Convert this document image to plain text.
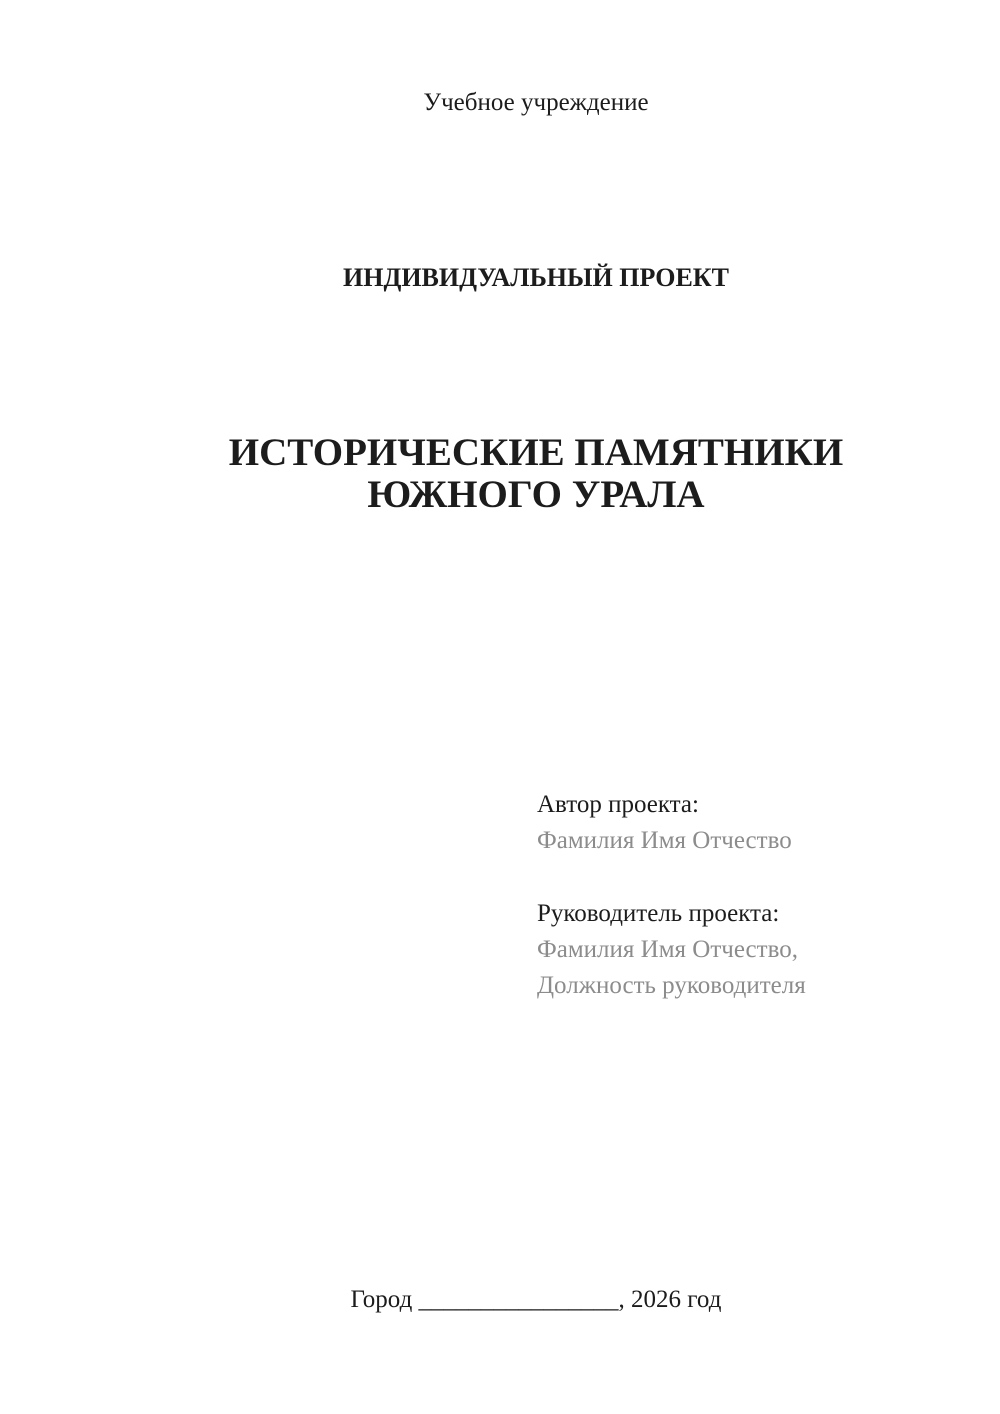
Учебное учреждение
ИНДИВИДУАЛЬНЫЙ ПРОЕКТ
ИСТОРИЧЕСКИЕ ПАМЯТНИКИ
ЮЖНОГО УРАЛА
Автор проекта:
Фамилия Имя Отчество
Руководитель проекта:
Фамилия Имя Отчество,
Должность руководителя
Город ________________, 2026 год
